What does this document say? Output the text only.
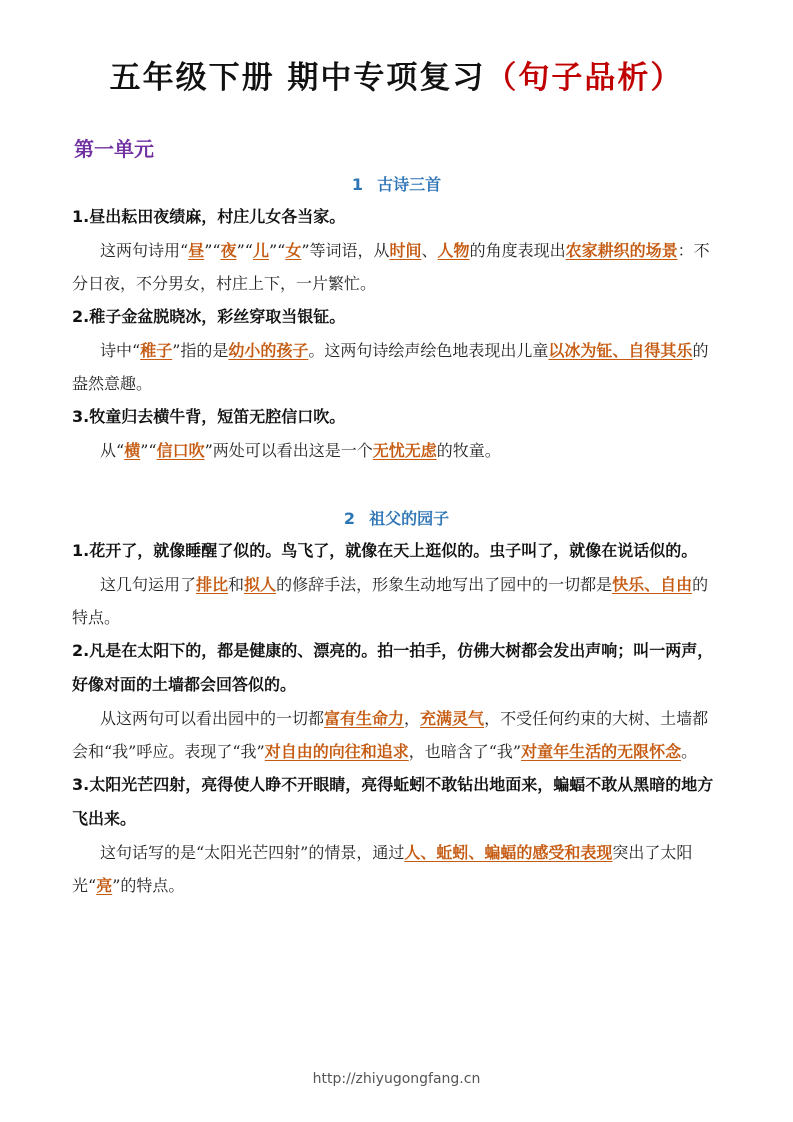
五年级下册 期中专项复习（句子品析）
第一单元
1 古诗三首
1.昼出耘田夜绩麻，村庄儿女各当家。
这两句诗用“昼”“夜”“儿”“女”等词语，从时间、人物的角度表现出农家耕织的场景：不分日夜，不分男女，村庄上下，一片繁忙。
2.稚子金盆脱晓冰，彩丝穿取当银钲。
诗中“稚子”指的是幼小的孩子。这两句诗绘声绘色地表现出儿童以冰为钲、自得其乐的盎然意趣。
3.牧童归去横牛背，短笛无腔信口吹。
从“横”“信口吹”两处可以看出这是一个无忧无虑的牧童。
2 祖父的园子
1.花开了，就像睡醒了似的。鸟飞了，就像在天上逛似的。虫子叫了，就像在说话似的。
这几句运用了排比和拟人的修辞手法，形象生动地写出了园中的一切都是快乐、自由的特点。
2.凡是在太阳下的，都是健康的、漂亮的。拍一拍手，仿佛大树都会发出声响；叫一两声，好像对面的土墙都会回答似的。
从这两句可以看出园中的一切都富有生命力，充满灵气，不受任何约束的大树、土墙都会和“我”呼应。表现了“我”对自由的向往和追求，也暗含了“我”对童年生活的无限怀念。
3.太阳光芒四射，亮得使人睁不开眼睛，亮得蚯蚓不敢钻出地面来，蝙蝠不敢从黑暗的地方飞出来。
这句话写的是“太阳光芒四射”的情景，通过人、蚯蚓、蝙蝠的感受和表现突出了太阳光“亮”的特点。
http://zhiyugongfang.cn
